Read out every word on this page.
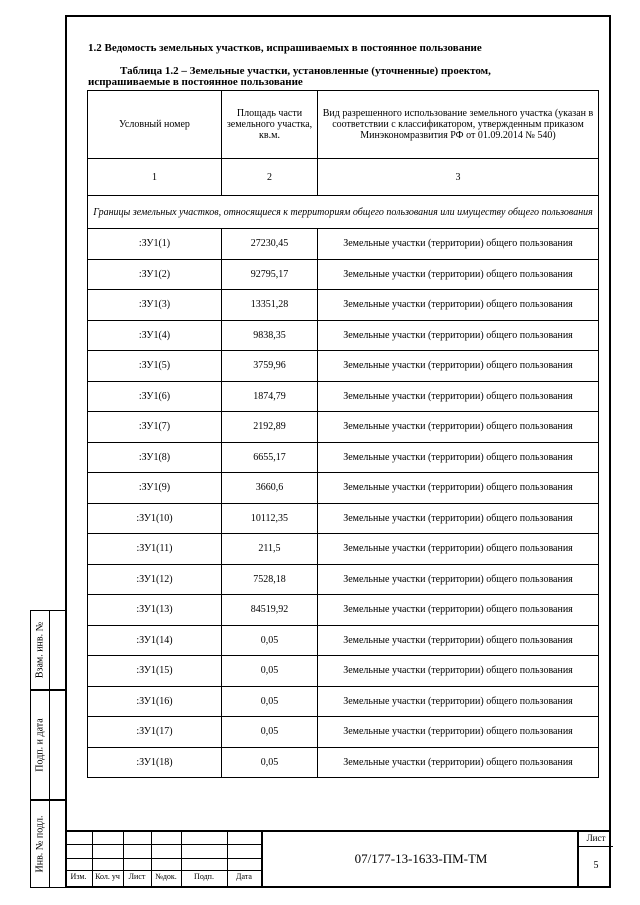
Взам. инв. №
Подп. и дата
Инв. № подл.
1.2 Ведомость земельных участков, испрашиваемых в постоянное пользование
Таблица 1.2 – Земельные участки, установленные (уточненные) проектом,
испрашиваемые в постоянное пользование
Условный номер	Площадь части земельного участка, кв.м.	Вид разрешенного использование земельного участка (указан в соответствии с классификатором, утвержденным приказом Минэкономразвития РФ от 01.09.2014 № 540)
1	2	3
Границы земельных участков, относящиеся к территориям общего пользования или имуществу общего пользования		
:ЗУ1(1)	27230,45	Земельные участки (территории) общего пользования
:ЗУ1(2)	92795,17	Земельные участки (территории) общего пользования
:ЗУ1(3)	13351,28	Земельные участки (территории) общего пользования
:ЗУ1(4)	9838,35	Земельные участки (территории) общего пользования
:ЗУ1(5)	3759,96	Земельные участки (территории) общего пользования
:ЗУ1(6)	1874,79	Земельные участки (территории) общего пользования
:ЗУ1(7)	2192,89	Земельные участки (территории) общего пользования
:ЗУ1(8)	6655,17	Земельные участки (территории) общего пользования
:ЗУ1(9)	3660,6	Земельные участки (территории) общего пользования
:ЗУ1(10)	10112,35	Земельные участки (территории) общего пользования
:ЗУ1(11)	211,5	Земельные участки (территории) общего пользования
:ЗУ1(12)	7528,18	Земельные участки (территории) общего пользования
:ЗУ1(13)	84519,92	Земельные участки (территории) общего пользования
:ЗУ1(14)	0,05	Земельные участки (территории) общего пользования
:ЗУ1(15)	0,05	Земельные участки (территории) общего пользования
:ЗУ1(16)	0,05	Земельные участки (территории) общего пользования
:ЗУ1(17)	0,05	Земельные участки (территории) общего пользования
:ЗУ1(18)	0,05	Земельные участки (территории) общего пользования
Изм.	Кол. уч	Лист	№док.	Подп.	Дата
07/177-13-1633-ПМ-ТМ
Лист
5
